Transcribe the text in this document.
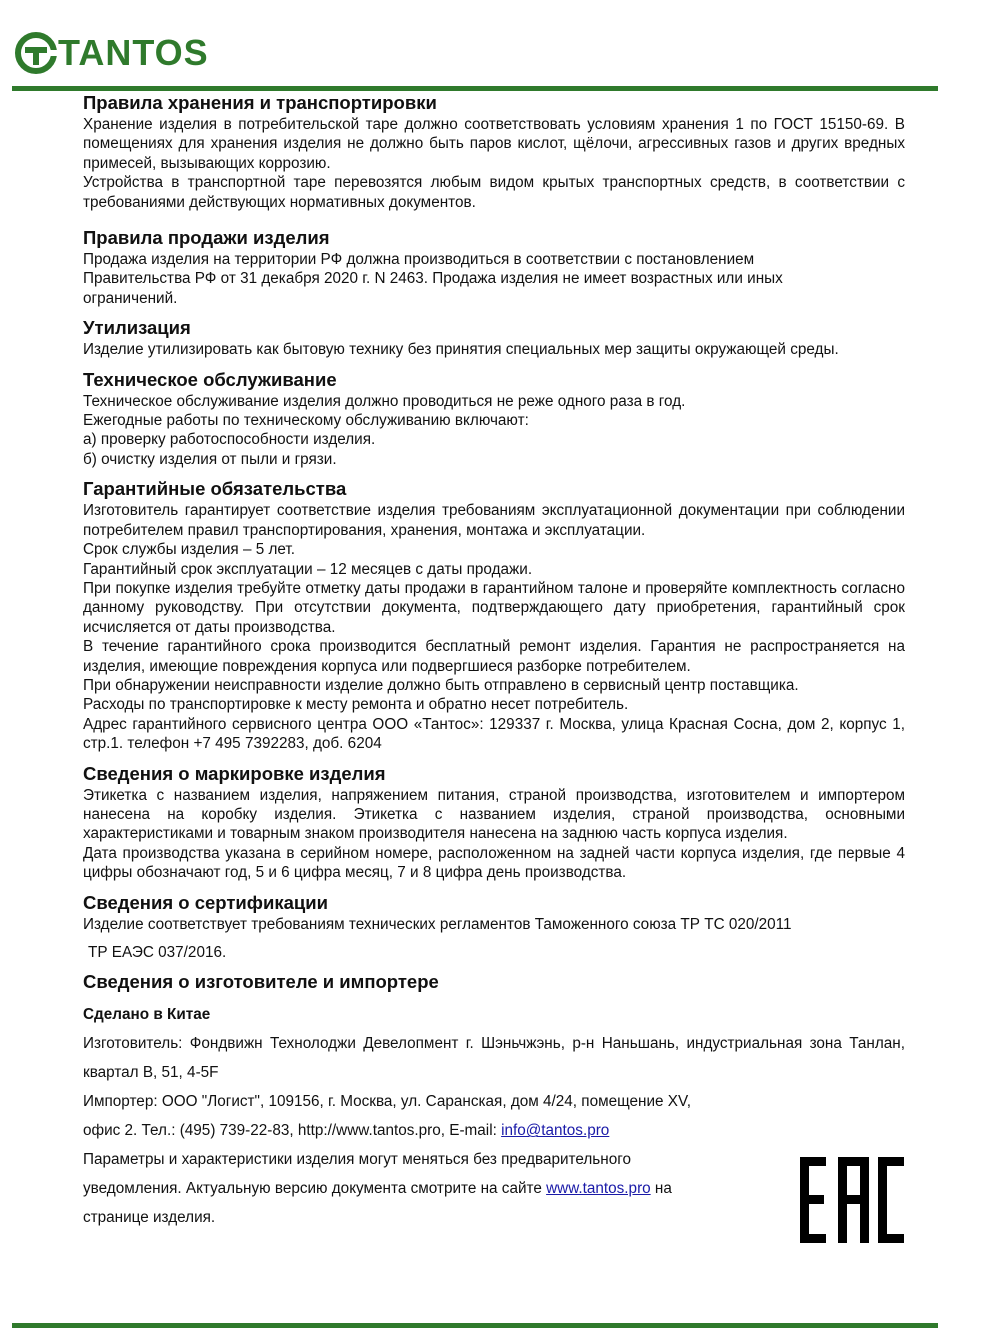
TANTOS
Правила хранения и транспортировки

Хранение изделия в потребительской таре должно соответствовать условиям хранения 1 по ГОСТ 15150-69. В помещениях для хранения изделия не должно быть паров кислот, щёлочи, агрессивных газов и других вредных примесей, вызывающих коррозию.

Устройства в транспортной таре перевозятся любым видом крытых транспортных средств, в соответствии с требованиями действующих нормативных документов.

Правила продажи изделия

Продажа изделия на территории РФ должна производиться в соответствии с постановлением Правительства РФ от 31 декабря 2020 г. N 2463. Продажа изделия не имеет возрастных или иных ограничений.

Утилизация

Изделие утилизировать как бытовую технику без принятия специальных мер защиты окружающей среды.

Техническое обслуживание

Техническое обслуживание изделия должно проводиться не реже одного раза в год.

Ежегодные работы по техническому обслуживанию включают:

а) проверку работоспособности изделия.

б) очистку изделия от пыли и грязи.

Гарантийные обязательства

Изготовитель гарантирует соответствие изделия требованиям эксплуатационной документации при соблюдении потребителем правил транспортирования, хранения, монтажа и эксплуатации.

Срок службы изделия – 5 лет.

Гарантийный срок эксплуатации – 12 месяцев с даты продажи.

При покупке изделия требуйте отметку даты продажи в гарантийном талоне и проверяйте комплектность согласно данному руководству. При отсутствии документа, подтверждающего дату приобретения, гарантийный срок исчисляется от даты производства.

В течение гарантийного срока производится бесплатный ремонт изделия. Гарантия не распространяется на изделия, имеющие повреждения корпуса или подвергшиеся разборке потребителем.

При обнаружении неисправности изделие должно быть отправлено в сервисный центр поставщика.

Расходы по транспортировке к месту ремонта и обратно несет потребитель.

Адрес гарантийного сервисного центра ООО «Тантос»: 129337 г. Москва, улица Красная Сосна, дом 2, корпус 1, стр.1. телефон +7 495 7392283, доб. 6204

Сведения о маркировке изделия

Этикетка с названием изделия, напряжением питания, страной производства, изготовителем и импортером нанесена на коробку изделия. Этикетка с названием изделия, страной производства, основными характеристиками и товарным знаком производителя нанесена на заднюю часть корпуса изделия.

Дата производства указана в серийном номере, расположенном на задней части корпуса изделия, где первые 4 цифры обозначают год, 5 и 6 цифра месяц, 7 и 8 цифра день производства.

Сведения о сертификации

Изделие соответствует требованиям технических регламентов Таможенного союза ТР ТС 020/2011

ТР ЕАЭС 037/2016.

Сведения о изготовителе и импортере

Сделано в Китае

Изготовитель: Фондвижн Технолоджи Девелопмент г. Шэньчжэнь, р-н Наньшань, индустриальная зона Танлан, квартал B, 51, 4-5F

Импортер: ООО "Логист", 109156, г. Москва, ул. Саранская, дом 4/24, помещение XV,

офис 2. Тел.: (495) 739-22-83, http://www.tantos.pro, E-mail: info@tantos.pro

Параметры и характеристики изделия могут меняться без предварительного

уведомления. Актуальную версию документа смотрите на сайте www.tantos.pro на

странице изделия.
